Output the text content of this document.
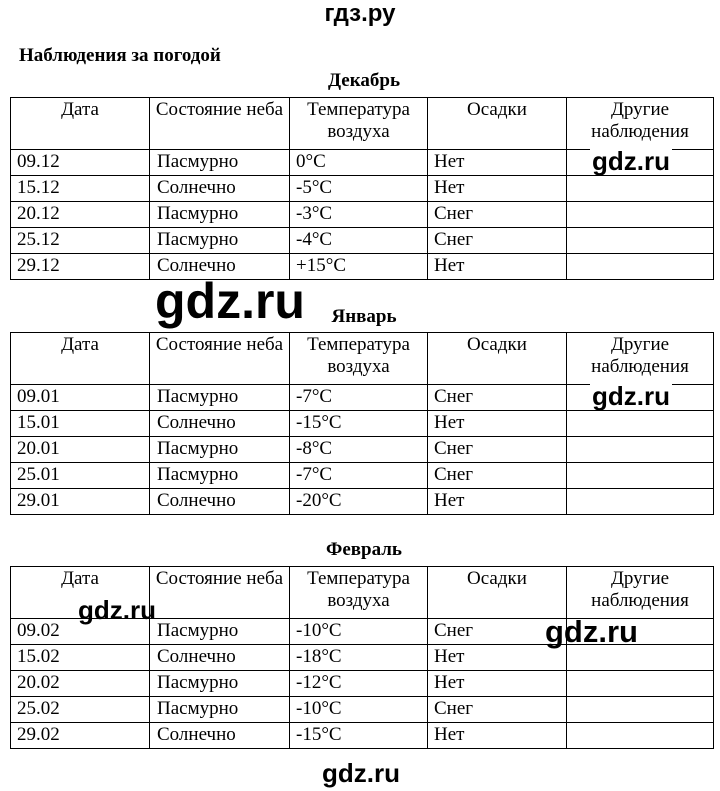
гдз.ру
Наблюдения за погодой
Декабрь
Дата	Состояние неба	Температура воздуха	Осадки	Другие наблюдения
09.12	Пасмурно	0°C	Нет	
15.12	Солнечно	-5°C	Нет	
20.12	Пасмурно	-3°C	Снег	
25.12	Пасмурно	-4°C	Снег	
29.12	Солнечно	+15°C	Нет	
Январь
Дата	Состояние неба	Температура воздуха	Осадки	Другие наблюдения
09.01	Пасмурно	-7°C	Снег	
15.01	Солнечно	-15°C	Нет	
20.01	Пасмурно	-8°C	Снег	
25.01	Пасмурно	-7°C	Снег	
29.01	Солнечно	-20°C	Нет	
Февраль
Дата	Состояние неба	Температура воздуха	Осадки	Другие наблюдения
09.02	Пасмурно	-10°C	Снег	
15.02	Солнечно	-18°C	Нет	
20.02	Пасмурно	-12°C	Нет	
25.02	Пасмурно	-10°C	Снег	
29.02	Солнечно	-15°C	Нет	
gdz.ru
gdz.ru
gdz.ru
gdz.ru
gdz.ru
gdz.ru
